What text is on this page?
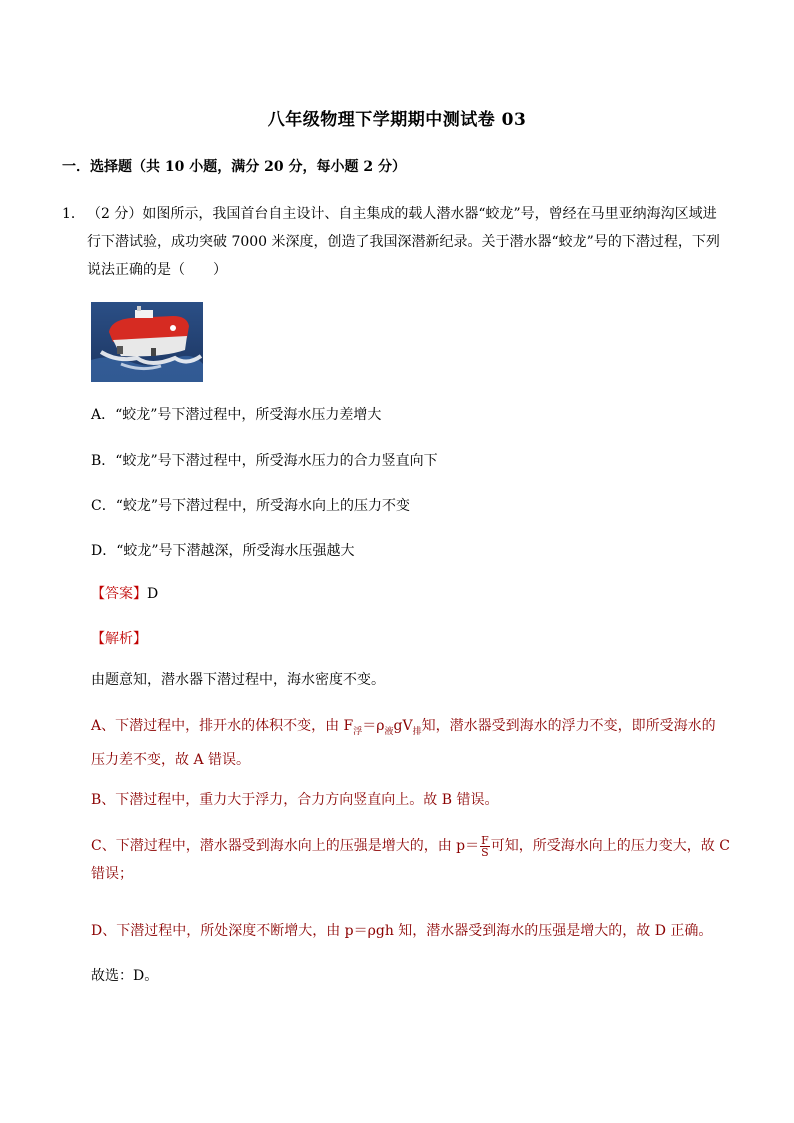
八年级物理下学期期中测试卷 03
一．选择题（共 10 小题，满分 20 分，每小题 2 分）
1． （2 分）如图所示，我国首台自主设计、自主集成的载人潜水器“蛟龙”号，曾经在马里亚纳海沟区域进
行下潜试验，成功突破 7000 米深度，创造了我国深潜新纪录。关于潜水器“蛟龙”号的下潜过程，下列
说法正确的是（　　）
A．“蛟龙”号下潜过程中，所受海水压力差增大
B．“蛟龙”号下潜过程中，所受海水压力的合力竖直向下
C．“蛟龙”号下潜过程中，所受海水向上的压力不变
D．“蛟龙”号下潜越深，所受海水压强越大
【答案】D
【解析】
由题意知，潜水器下潜过程中，海水密度不变。
A、下潜过程中，排开水的体积不变，由 $F_浮=\rho_液gV_排$知，潜水器受到海水的浮力不变，即所受海水的
压力差不变，故 A 错误。
B、下潜过程中，重力大于浮力，合力方向竖直向上。故 B 错误。
C、下潜过程中，潜水器受到海水向上的压强是增大的，由 $p= \frac{F}{S}$ 可知，所受海水向上的压力变大，故 C
错误；
D、下潜过程中，所处深度不断增大，由 p＝ρgh 知，潜水器受到海水的压强是增大的，故 D 正确。
故选：D。
